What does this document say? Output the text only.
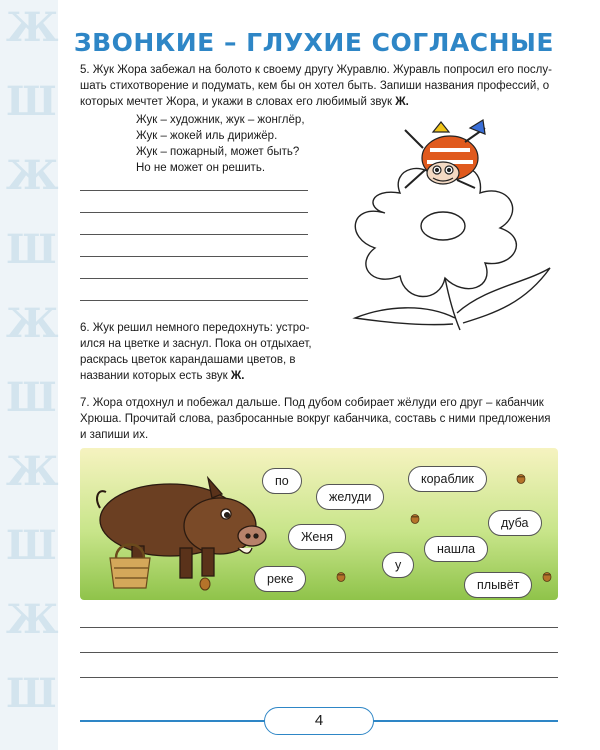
Ж
Ш
Ж
Ш
Ж
Ш
Ж
Ш
Ж
Ш
ЗВОНКИЕ – ГЛУХИЕ СОГЛАСНЫЕ
5. Жук Жора забежал на болото к своему другу Журавлю. Журавль попросил его послу-
шать стихотворение и подумать, кем бы он хотел быть. Запиши названия профессий, о
которых мечтет Жора, и укажи в словах его любимый звук Ж.
Жук – художник, жук – жонглёр,
Жук – жокей иль дирижёр.
Жук – пожарный, может быть?
Но не может он решить.
6. Жук решил немного передохнуть: устро-
ился на цветке и заснул. Пока он отдыхает,
раскрась цветок карандашами цветов, в
названии которых есть звук Ж.
7. Жора отдохнул и побежал дальше. Под дубом собирает жёлуди его друг – кабанчик
Хрюша. Прочитай слова, разбросанные вокруг кабанчика, составь с ними предложения
и запиши их.
по
желуди
кораблик
Женя
дуба
нашла
у
реке	плывёт
4
